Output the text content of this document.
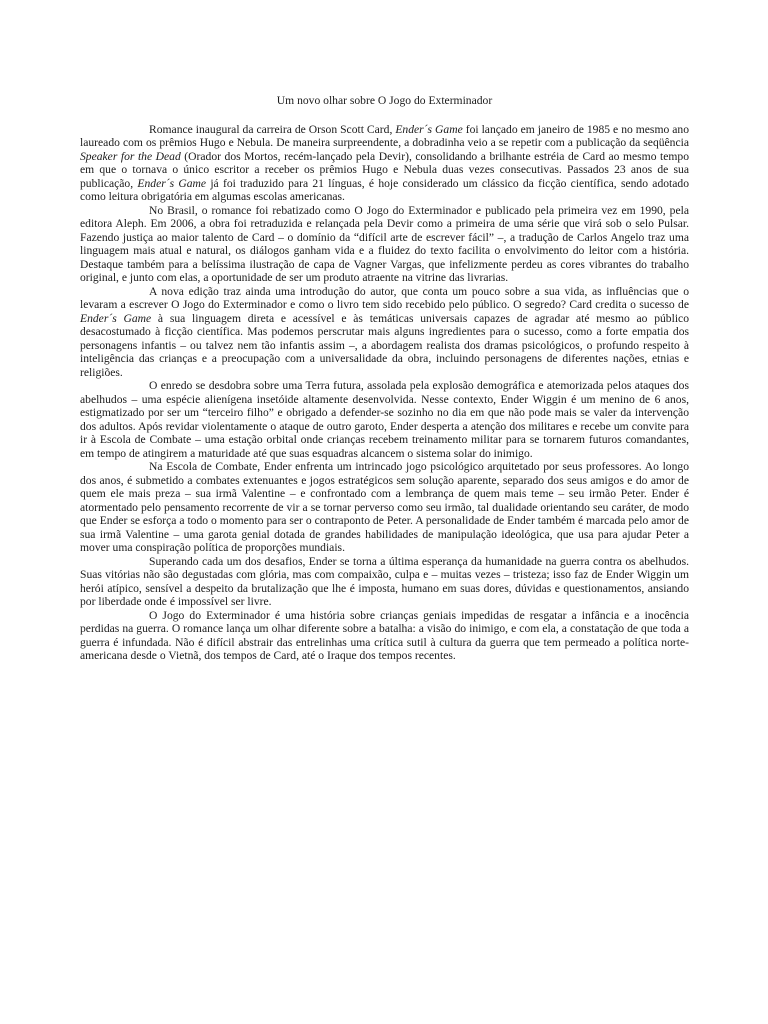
Um novo olhar sobre O Jogo do Exterminador

Romance inaugural da carreira de Orson Scott Card, Ender´s Game foi lançado em janeiro de 1985 e no mesmo ano laureado com os prêmios Hugo e Nebula. De maneira surpreendente, a dobradinha veio a se repetir com a publicação da seqüência Speaker for the Dead (Orador dos Mortos, recém-lançado pela Devir), consolidando a brilhante estréia de Card ao mesmo tempo em que o tornava o único escritor a receber os prêmios Hugo e Nebula duas vezes consecutivas. Passados 23 anos de sua publicação, Ender´s Game já foi traduzido para 21 línguas, é hoje considerado um clássico da ficção científica, sendo adotado como leitura obrigatória em algumas escolas americanas.

No Brasil, o romance foi rebatizado como O Jogo do Exterminador e publicado pela primeira vez em 1990, pela editora Aleph. Em 2006, a obra foi retraduzida e relançada pela Devir como a primeira de uma série que virá sob o selo Pulsar. Fazendo justiça ao maior talento de Card – o domínio da “difícil arte de escrever fácil” –, a tradução de Carlos Angelo traz uma linguagem mais atual e natural, os diálogos ganham vida e a fluidez do texto facilita o envolvimento do leitor com a história. Destaque também para a belíssima ilustração de capa de Vagner Vargas, que infelizmente perdeu as cores vibrantes do trabalho original, e junto com elas, a oportunidade de ser um produto atraente na vitrine das livrarias.

A nova edição traz ainda uma introdução do autor, que conta um pouco sobre a sua vida, as influências que o levaram a escrever O Jogo do Exterminador e como o livro tem sido recebido pelo público. O segredo? Card credita o sucesso de Ender´s Game à sua linguagem direta e acessível e às temáticas universais capazes de agradar até mesmo ao público desacostumado à ficção científica. Mas podemos perscrutar mais alguns ingredientes para o sucesso, como a forte empatia dos personagens infantis – ou talvez nem tão infantis assim –, a abordagem realista dos dramas psicológicos, o profundo respeito à inteligência das crianças e a preocupação com a universalidade da obra, incluindo personagens de diferentes nações, etnias e religiões.

O enredo se desdobra sobre uma Terra futura, assolada pela explosão demográfica e atemorizada pelos ataques dos abelhudos – uma espécie alienígena insetóide altamente desenvolvida. Nesse contexto, Ender Wiggin é um menino de 6 anos, estigmatizado por ser um “terceiro filho” e obrigado a defender-se sozinho no dia em que não pode mais se valer da intervenção dos adultos. Após revidar violentamente o ataque de outro garoto, Ender desperta a atenção dos militares e recebe um convite para ir à Escola de Combate – uma estação orbital onde crianças recebem treinamento militar para se tornarem futuros comandantes, em tempo de atingirem a maturidade até que suas esquadras alcancem o sistema solar do inimigo.

Na Escola de Combate, Ender enfrenta um intrincado jogo psicológico arquitetado por seus professores. Ao longo dos anos, é submetido a combates extenuantes e jogos estratégicos sem solução aparente, separado dos seus amigos e do amor de quem ele mais preza – sua irmã Valentine – e confrontado com a lembrança de quem mais teme – seu irmão Peter. Ender é atormentado pelo pensamento recorrente de vir a se tornar perverso como seu irmão, tal dualidade orientando seu caráter, de modo que Ender se esforça a todo o momento para ser o contraponto de Peter. A personalidade de Ender também é marcada pelo amor de sua irmã Valentine – uma garota genial dotada de grandes habilidades de manipulação ideológica, que usa para ajudar Peter a mover uma conspiração política de proporções mundiais.

Superando cada um dos desafios, Ender se torna a última esperança da humanidade na guerra contra os abelhudos. Suas vitórias não são degustadas com glória, mas com compaixão, culpa e – muitas vezes – tristeza; isso faz de Ender Wiggin um herói atípico, sensível a despeito da brutalização que lhe é imposta, humano em suas dores, dúvidas e questionamentos, ansiando por liberdade onde é impossível ser livre.

O Jogo do Exterminador é uma história sobre crianças geniais impedidas de resgatar a infância e a inocência perdidas na guerra. O romance lança um olhar diferente sobre a batalha: a visão do inimigo, e com ela, a constatação de que toda a guerra é infundada. Não é difícil abstrair das entrelinhas uma crítica sutil à cultura da guerra que tem permeado a política norte-americana desde o Vietnã, dos tempos de Card, até o Iraque dos tempos recentes.
